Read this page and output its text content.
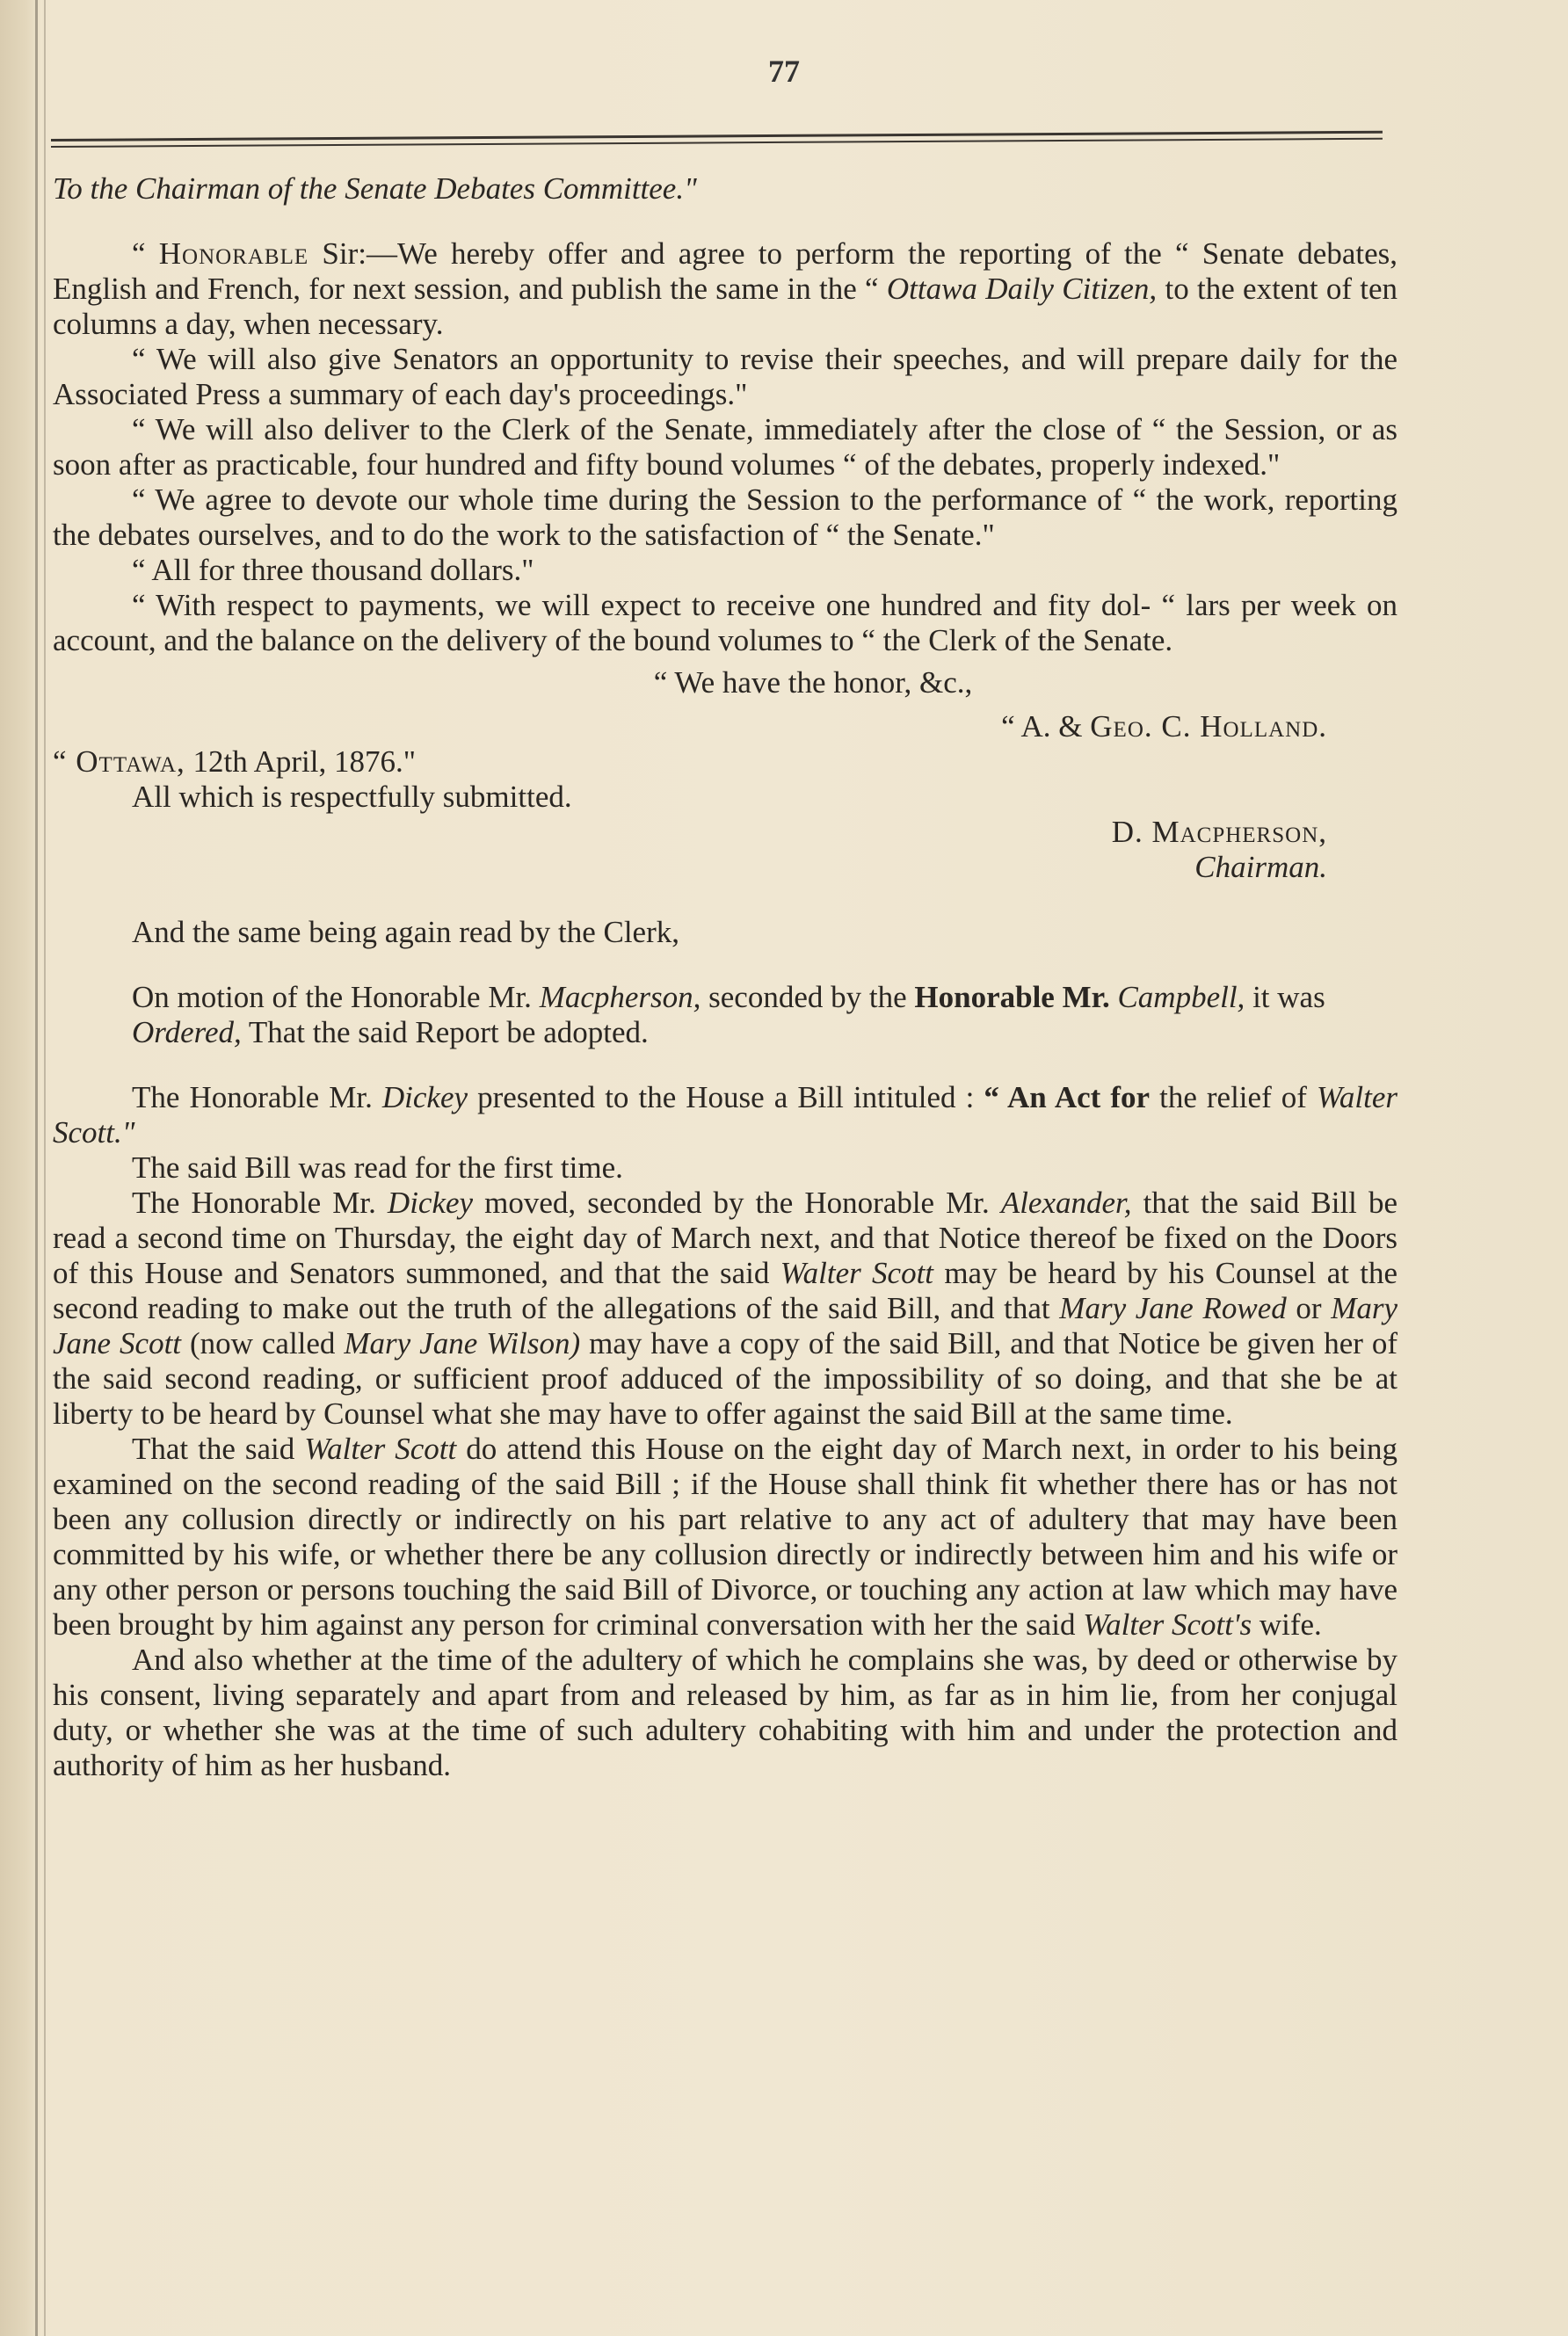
77

To the Chairman of the Senate Debates Committee."

“ Honorable Sir:—We hereby offer and agree to perform the reporting of the “ Senate debates, English and French, for next session, and publish the same in the “ Ottawa Daily Citizen, to the extent of ten columns a day, when necessary.

“ We will also give Senators an opportunity to revise their speeches, and will prepare daily for the Associated Press a summary of each day's proceedings."

“ We will also deliver to the Clerk of the Senate, immediately after the close of “ the Session, or as soon after as practicable, four hundred and fifty bound volumes “ of the debates, properly indexed."

“ We agree to devote our whole time during the Session to the performance of “ the work, reporting the debates ourselves, and to do the work to the satisfaction of “ the Senate."

“ All for three thousand dollars."

“ With respect to payments, we will expect to receive one hundred and fity dol- “ lars per week on account, and the balance on the delivery of the bound volumes to “ the Clerk of the Senate.

“ We have the honor, &c.,

“ A. & Geo. C. Holland.

“ Ottawa, 12th April, 1876."

All which is respectfully submitted.

D. Macpherson,

Chairman.

And the same being again read by the Clerk,

On motion of the Honorable Mr. Macpherson, seconded by the Honorable Mr. Campbell, it was

Ordered, That the said Report be adopted.

The Honorable Mr. Dickey presented to the House a Bill intituled : “ An Act for the relief of Walter Scott."

The said Bill was read for the first time.

The Honorable Mr. Dickey moved, seconded by the Honorable Mr. Alexander, that the said Bill be read a second time on Thursday, the eight day of March next, and that Notice thereof be fixed on the Doors of this House and Senators summoned, and that the said Walter Scott may be heard by his Counsel at the second reading to make out the truth of the allegations of the said Bill, and that Mary Jane Rowed or Mary Jane Scott (now called Mary Jane Wilson) may have a copy of the said Bill, and that Notice be given her of the said second reading, or sufficient proof adduced of the impossibility of so doing, and that she be at liberty to be heard by Counsel what she may have to offer against the said Bill at the same time.

That the said Walter Scott do attend this House on the eight day of March next, in order to his being examined on the second reading of the said Bill ; if the House shall think fit whether there has or has not been any collusion directly or indirectly on his part relative to any act of adultery that may have been committed by his wife, or whether there be any collusion directly or indirectly between him and his wife or any other person or persons touching the said Bill of Divorce, or touching any action at law which may have been brought by him against any person for criminal conversation with her the said Walter Scott's wife.

And also whether at the time of the adultery of which he complains she was, by deed or otherwise by his consent, living separately and apart from and released by him, as far as in him lie, from her conjugal duty, or whether she was at the time of such adultery cohabiting with him and under the protection and authority of him as her husband.
